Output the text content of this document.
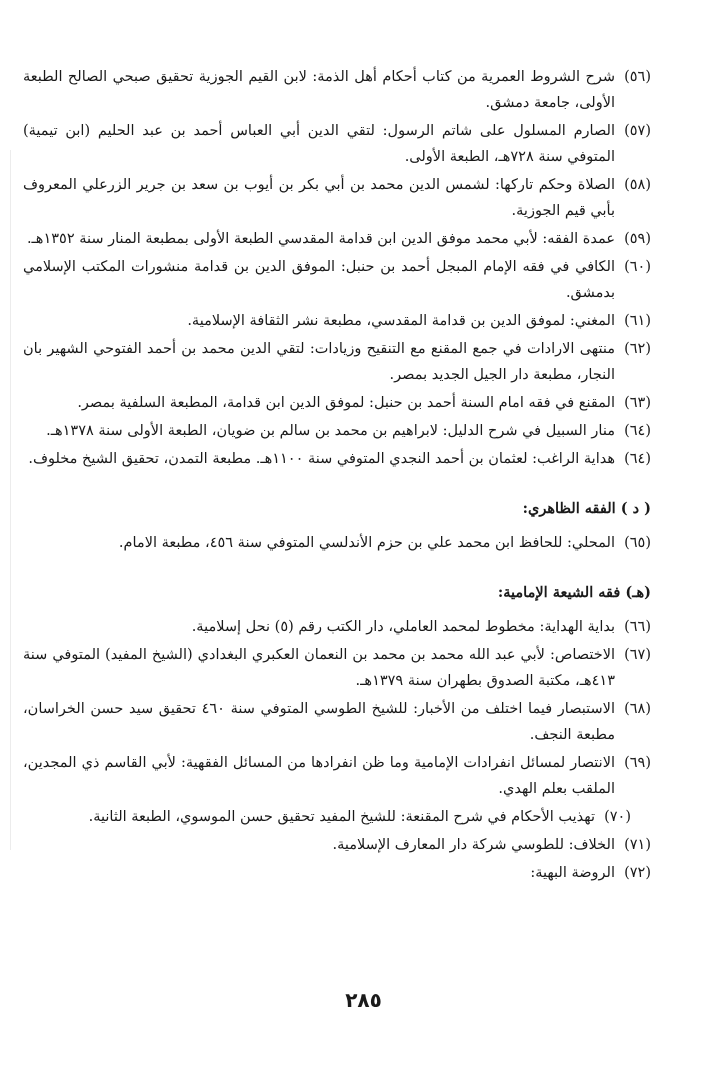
(٥٦)
شرح الشروط العمرية من كتاب أحكام أهل الذمة: لابن القيم الجوزية تحقيق صبحي الصالح الطبعة الأولى، جامعة دمشق.
(٥٧)
الصارم المسلول على شاتم الرسول: لتقي الدين أبي العباس أحمد بن عبد الحليم (ابن تيمية) المتوفي سنة ٧٢٨هـ، الطبعة الأولى.
(٥٨)
الصلاة وحكم تاركها: لشمس الدين محمد بن أبي بكر بن أيوب بن سعد بن جرير الزرعلي المعروف بأبي قيم الجوزية.
(٥٩)
عمدة الفقه: لأبي محمد موفق الدين ابن قدامة المقدسي الطبعة الأولى بمطبعة المنار سنة ١٣٥٢هـ.
(٦٠)
الكافي في فقه الإمام المبجل أحمد بن حنبل: الموفق الدين بن قدامة منشورات المكتب الإسلامي بدمشق.
(٦١)
المغني: لموفق الدين بن قدامة المقدسي، مطبعة نشر الثقافة الإسلامية.
(٦٢)
منتهى الارادات في جمع المقنع مع التنقيح وزيادات: لتقي الدين محمد بن أحمد الفتوحي الشهير بان النجار، مطبعة دار الجيل الجديد بمصر.
(٦٣)
المقنع في فقه امام السنة أحمد بن حنبل: لموفق الدين ابن قدامة، المطبعة السلفية بمصر.
(٦٤)
منار السبيل في شرح الدليل: لابراهيم بن محمد بن سالم بن ضويان، الطبعة الأولى سنة ١٣٧٨هـ.
(٦٤)
هداية الراغب: لعثمان بن أحمد النجدي المتوفي سنة ١١٠٠هـ. مطبعة التمدن، تحقيق الشيخ مخلوف.
( د ) الفقه الظاهري:
(٦٥)
المحلي: للحافظ ابن محمد علي بن حزم الأندلسي المتوفي سنة ٤٥٦، مطبعة الامام.
(هـ) فقه الشيعة الإمامية:
(٦٦)
بداية الهداية: مخطوط لمحمد العاملي، دار الكتب رقم (٥) نحل إسلامية.
(٦٧)
الاختصاص: لأبي عبد الله محمد بن محمد بن النعمان العكبري البغدادي (الشيخ المفيد) المتوفي سنة ٤١٣هـ، مكتبة الصدوق بطهران سنة ١٣٧٩هـ.
(٦٨)
الاستبصار فيما اختلف من الأخبار: للشيخ الطوسي المتوفي سنة ٤٦٠ تحقيق سيد حسن الخراسان، مطبعة النجف.
(٦٩)
الانتصار لمسائل انفرادات الإمامية وما ظن انفرادها من المسائل الفقهية: لأبي القاسم ذي المجدين، الملقب بعلم الهدي.
(٧٠)
تهذيب الأحكام في شرح المقنعة: للشيخ المفيد تحقيق حسن الموسوي، الطبعة الثانية.
(٧١)
الخلاف: للطوسي شركة دار المعارف الإسلامية.
(٧٢)
الروضة البهية:
٢٨٥
